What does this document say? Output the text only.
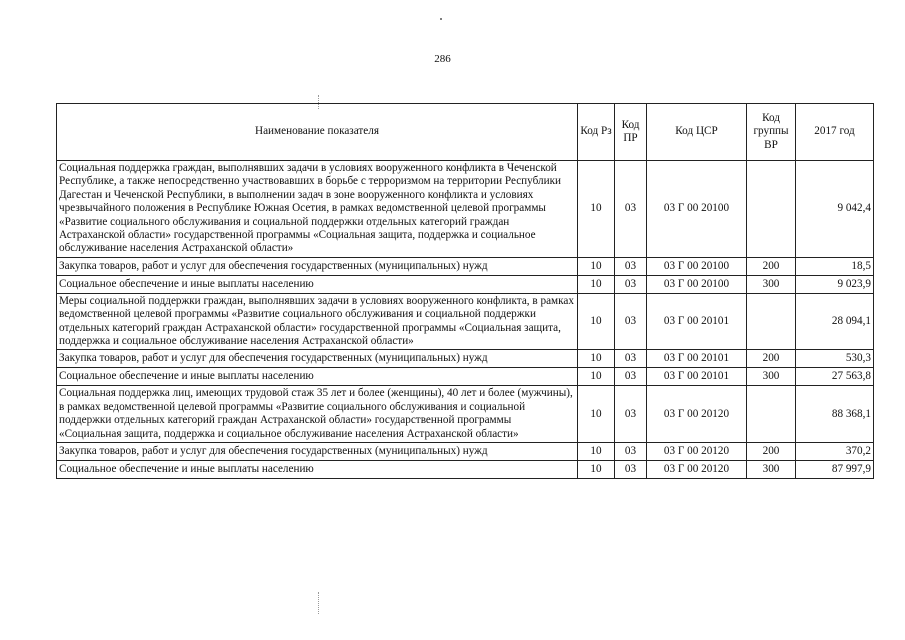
286
Наименование показателя	Код Рз	Код ПР	Код ЦСР	Код группы ВР	2017 год
Социальная поддержка граждан, выполнявших задачи в условиях вооруженного конфликта в Чеченской Республике, а также непосредственно участвовавших в борьбе с терроризмом на территории Республики Дагестан и Чеченской Республики, в выполнении задач в зоне вооруженного конфликта и условиях чрезвычайного положения в Республике Южная Осетия, в рамках ведомственной целевой программы «Развитие социального обслуживания и социальной поддержки отдельных категорий граждан Астраханской области» государственной программы «Социальная защита, поддержка и социальное обслуживание населения Астраханской области»	10	03	03 Г 00 20100		9 042,4
Закупка товаров, работ и услуг для обеспечения государственных (муниципальных) нужд	10	03	03 Г 00 20100	200	18,5
Социальное обеспечение и иные выплаты населению	10	03	03 Г 00 20100	300	9 023,9
Меры социальной поддержки граждан, выполнявших задачи в условиях вооруженного конфликта, в рамках ведомственной целевой программы «Развитие социального обслуживания и социальной поддержки отдельных категорий граждан Астраханской области» государственной программы «Социальная защита, поддержка и социальное обслуживание населения Астраханской области»	10	03	03 Г 00 20101		28 094,1
Закупка товаров, работ и услуг для обеспечения государственных (муниципальных) нужд	10	03	03 Г 00 20101	200	530,3
Социальное обеспечение и иные выплаты населению	10	03	03 Г 00 20101	300	27 563,8
Социальная поддержка лиц, имеющих трудовой стаж 35 лет и более (женщины), 40 лет и более (мужчины), в рамках ведомственной целевой программы «Развитие социального обслуживания и социальной поддержки отдельных категорий граждан Астраханской области» государственной программы «Социальная защита, поддержка и социальное обслуживание населения Астраханской области»	10	03	03 Г 00 20120		88 368,1
Закупка товаров, работ и услуг для обеспечения государственных (муниципальных) нужд	10	03	03 Г 00 20120	200	370,2
Социальное обеспечение и иные выплаты населению	10	03	03 Г 00 20120	300	87 997,9
